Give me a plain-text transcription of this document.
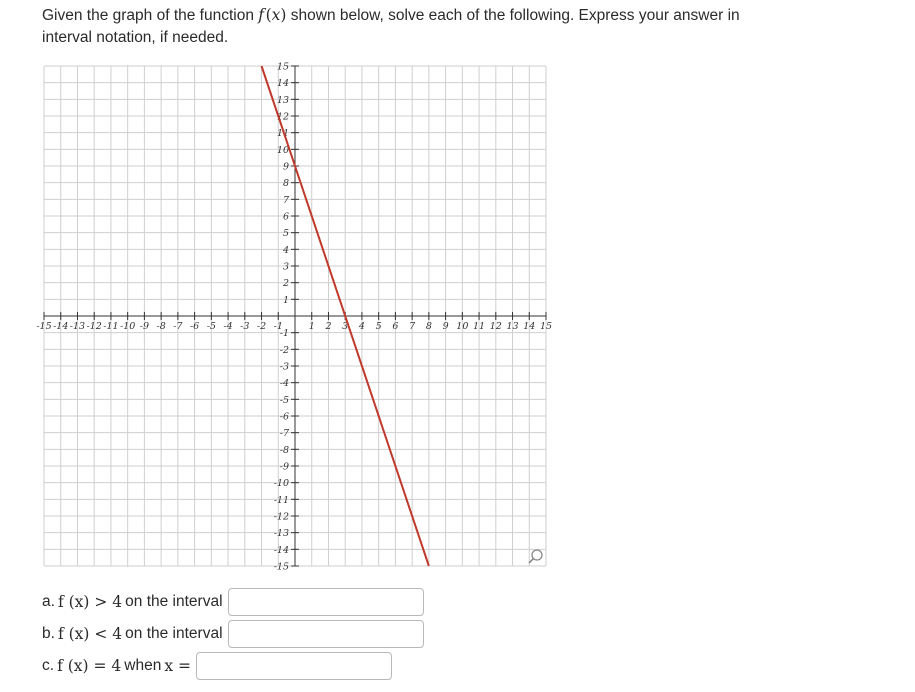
Given the graph of the function f (x) shown below, solve each of the following. Express your answer in interval notation, if needed.
-15 -14 -13 -12 -11 -10 -9 -8 -7 -6 -5 -4 -3 -2 -1	1 2 3 4 5 6 7 8 9 10 11 12 13 14 15
-15
-14
-13
-12
-11
-10
-9
-8
-7
-6
-5
-4
-3
-2
-1
1
2
3
4
5
6
7
8
9
10
11
12
13
14
15
a. f (x) > 4 on the interval
b. f (x) < 4 on the interval
c. f (x) = 4 when x =
